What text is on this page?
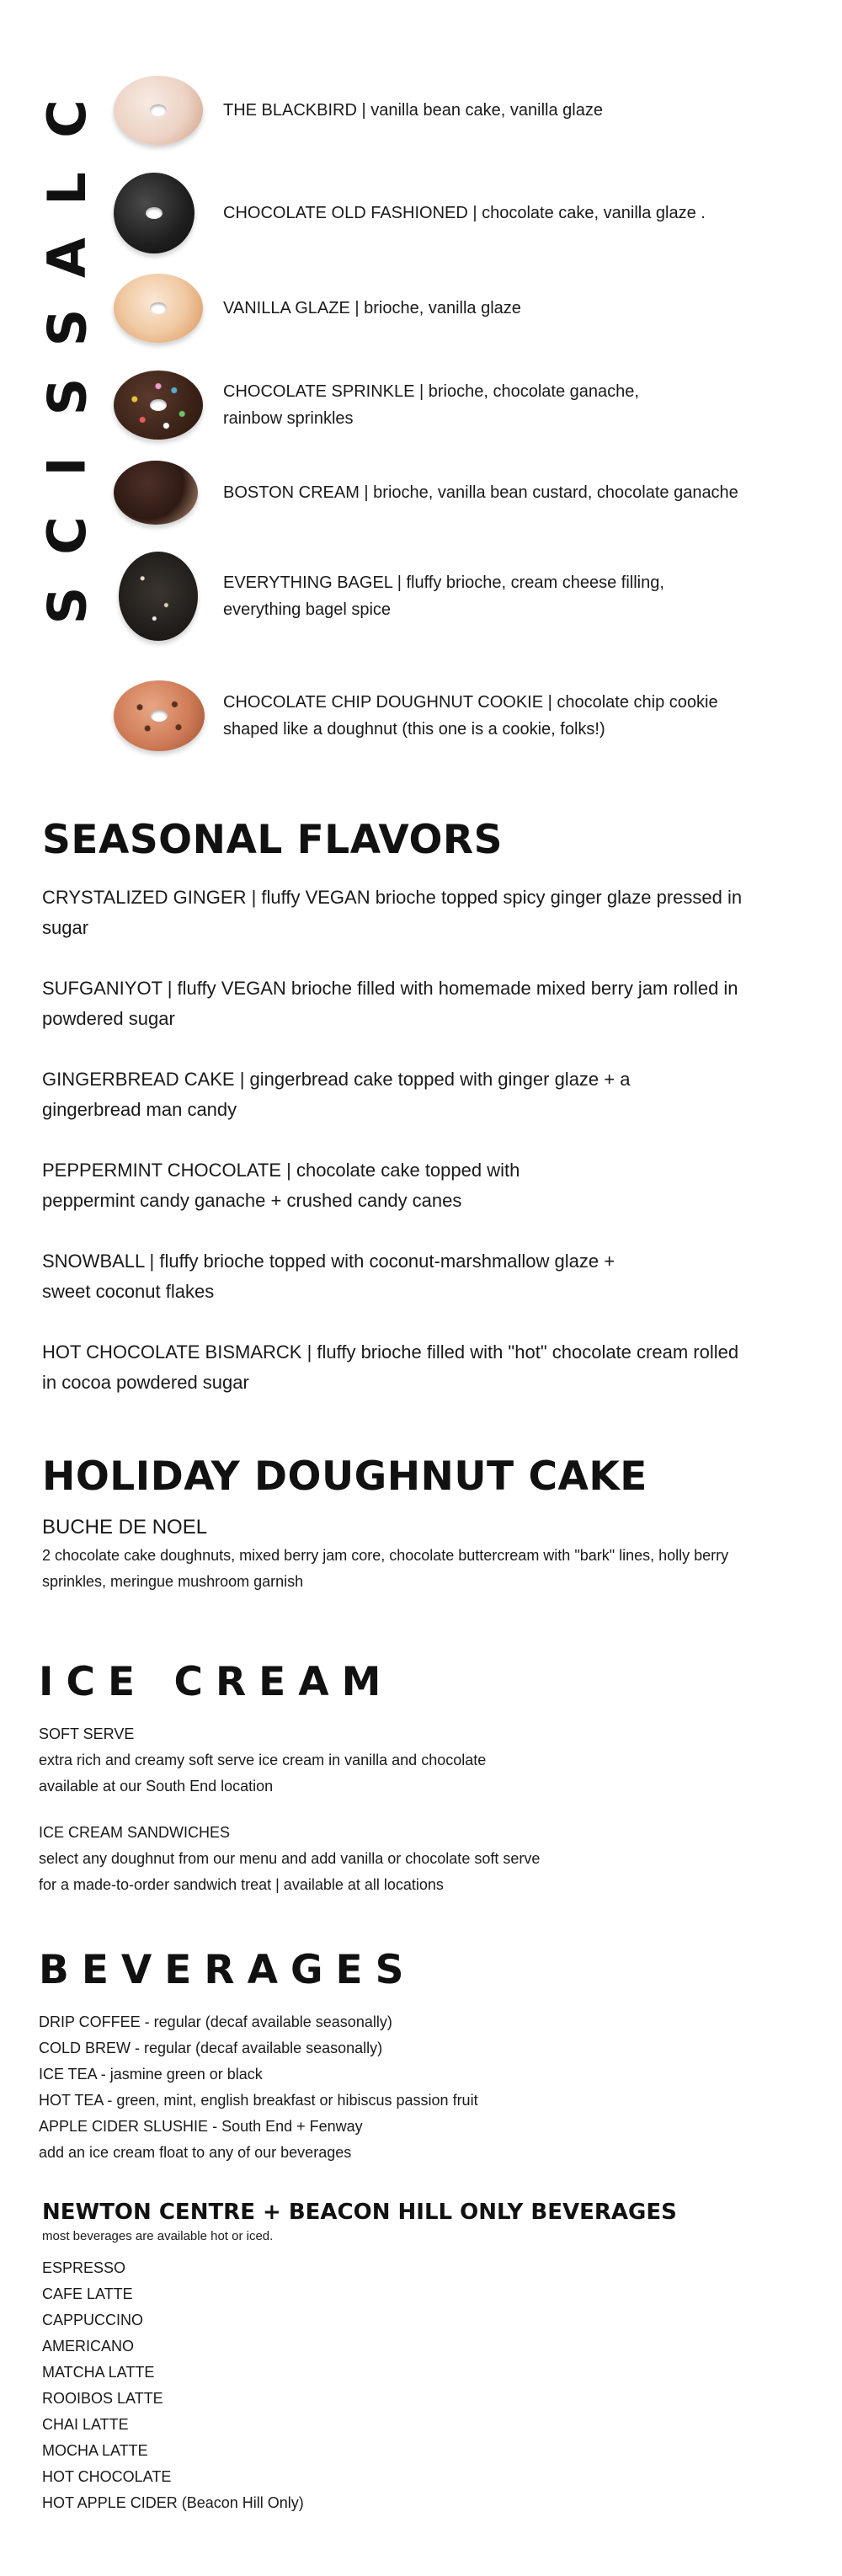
C
L
A
S
S
I
C
S
THE BLACKBIRD | vanilla bean cake, vanilla glaze
CHOCOLATE OLD FASHIONED | chocolate cake, vanilla glaze .
VANILLA GLAZE | brioche, vanilla glaze
CHOCOLATE SPRINKLE | brioche, chocolate ganache, rainbow sprinkles
BOSTON CREAM | brioche, vanilla bean custard, chocolate ganache
EVERYTHING BAGEL | fluffy brioche, cream cheese filling, everything bagel spice
CHOCOLATE CHIP DOUGHNUT COOKIE | chocolate chip cookie shaped like a doughnut (this one is a cookie, folks!)
SEASONAL FLAVORS
CRYSTALIZED GINGER | fluffy VEGAN brioche topped spicy ginger glaze pressed in sugar
SUFGANIYOT | fluffy VEGAN brioche filled with homemade mixed berry jam rolled in powdered sugar
GINGERBREAD CAKE | gingerbread cake topped with ginger glaze + a gingerbread man candy
PEPPERMINT CHOCOLATE | chocolate cake topped with peppermint candy ganache + crushed candy canes
SNOWBALL | fluffy brioche topped with coconut-marshmallow glaze + sweet coconut flakes
HOT CHOCOLATE BISMARCK | fluffy brioche filled with "hot" chocolate cream rolled in cocoa powdered sugar
HOLIDAY DOUGHNUT CAKE
BUCHE DE NOEL
2 chocolate cake doughnuts, mixed berry jam core, chocolate buttercream with "bark" lines, holly berry sprinkles, meringue mushroom garnish
ICE CREAM
SOFT SERVE
extra rich and creamy soft serve ice cream in vanilla and chocolate
available at our South End location
ICE CREAM SANDWICHES
select any doughnut from our menu and add vanilla or chocolate soft serve
for a made-to-order sandwich treat | available at all locations
BEVERAGES
DRIP COFFEE - regular (decaf available seasonally)
COLD BREW - regular (decaf available seasonally)
ICE TEA - jasmine green or black
HOT TEA - green, mint, english breakfast or hibiscus passion fruit
APPLE CIDER SLUSHIE - South End + Fenway
add an ice cream float to any of our beverages
NEWTON CENTRE + BEACON HILL ONLY BEVERAGES
most beverages are available hot or iced.
ESPRESSO
CAFE LATTE
CAPPUCCINO
AMERICANO
MATCHA LATTE
ROOIBOS LATTE
CHAI LATTE
MOCHA LATTE
HOT CHOCOLATE
HOT APPLE CIDER (Beacon Hill Only)
